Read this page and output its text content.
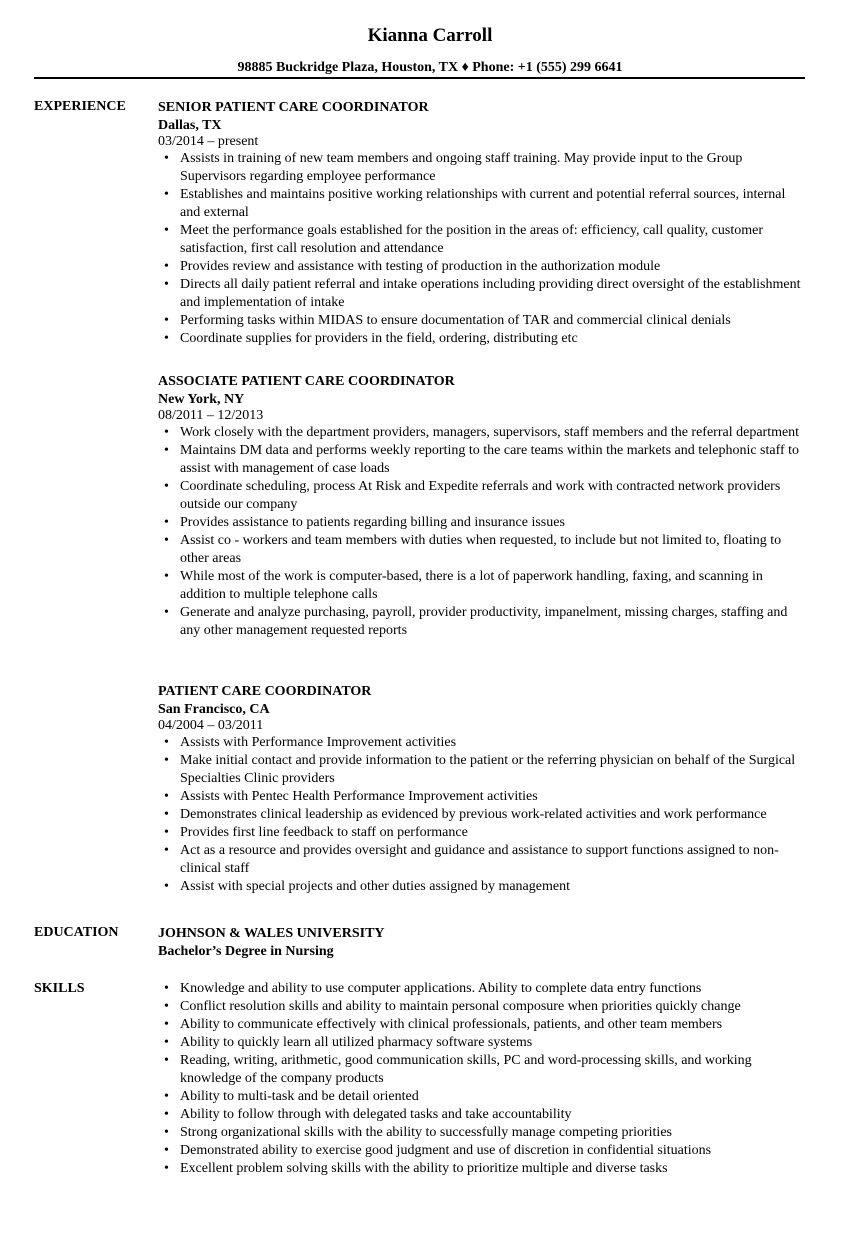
Kianna Carroll
98885 Buckridge Plaza, Houston, TX ♦ Phone: +1 (555) 299 6641
EXPERIENCE SENIOR PATIENT CARE COORDINATOR
Dallas, TX
03/2014 – present
• Assists in training of new team members and ongoing staff training. May provide input to the Group Supervisors regarding employee performance
• Establishes and maintains positive working relationships with current and potential referral sources, internal and external
• Meet the performance goals established for the position in the areas of: efficiency, call quality, customer satisfaction, first call resolution and attendance
• Provides review and assistance with testing of production in the authorization module
• Directs all daily patient referral and intake operations including providing direct oversight of the establishment and implementation of intake
• Performing tasks within MIDAS to ensure documentation of TAR and commercial clinical denials
• Coordinate supplies for providers in the field, ordering, distributing etc
ASSOCIATE PATIENT CARE COORDINATOR
New York, NY
08/2011 – 12/2013
• Work closely with the department providers, managers, supervisors, staff members and the referral department
• Maintains DM data and performs weekly reporting to the care teams within the markets and telephonic staff to assist with management of case loads
• Coordinate scheduling, process At Risk and Expedite referrals and work with contracted network providers outside our company
• Provides assistance to patients regarding billing and insurance issues
• Assist co - workers and team members with duties when requested, to include but not limited to, floating to other areas
• While most of the work is computer-based, there is a lot of paperwork handling, faxing, and scanning in addition to multiple telephone calls
• Generate and analyze purchasing, payroll, provider productivity, impanelment, missing charges, staffing and any other management requested reports
PATIENT CARE COORDINATOR
San Francisco, CA
04/2004 – 03/2011
• Assists with Performance Improvement activities
• Make initial contact and provide information to the patient or the referring physician on behalf of the Surgical Specialties Clinic providers
• Assists with Pentec Health Performance Improvement activities
• Demonstrates clinical leadership as evidenced by previous work-related activities and work performance
• Provides first line feedback to staff on performance
• Act as a resource and provides oversight and guidance and assistance to support functions assigned to non-clinical staff
• Assist with special projects and other duties assigned by management
EDUCATION	JOHNSON & WALES UNIVERSITY
Bachelor’s Degree in Nursing
SKILLS
•	Knowledge and ability to use computer applications. Ability to complete data entry functions
• Conflict resolution skills and ability to maintain personal composure when priorities quickly change
• Ability to communicate effectively with clinical professionals, patients, and other team members
• Ability to quickly learn all utilized pharmacy software systems
• Reading, writing, arithmetic, good communication skills, PC and word-processing skills, and working knowledge of the company products
• Ability to multi-task and be detail oriented
• Ability to follow through with delegated tasks and take accountability
• Strong organizational skills with the ability to successfully manage competing priorities
• Demonstrated ability to exercise good judgment and use of discretion in confidential situations
• Excellent problem solving skills with the ability to prioritize multiple and diverse tasks
